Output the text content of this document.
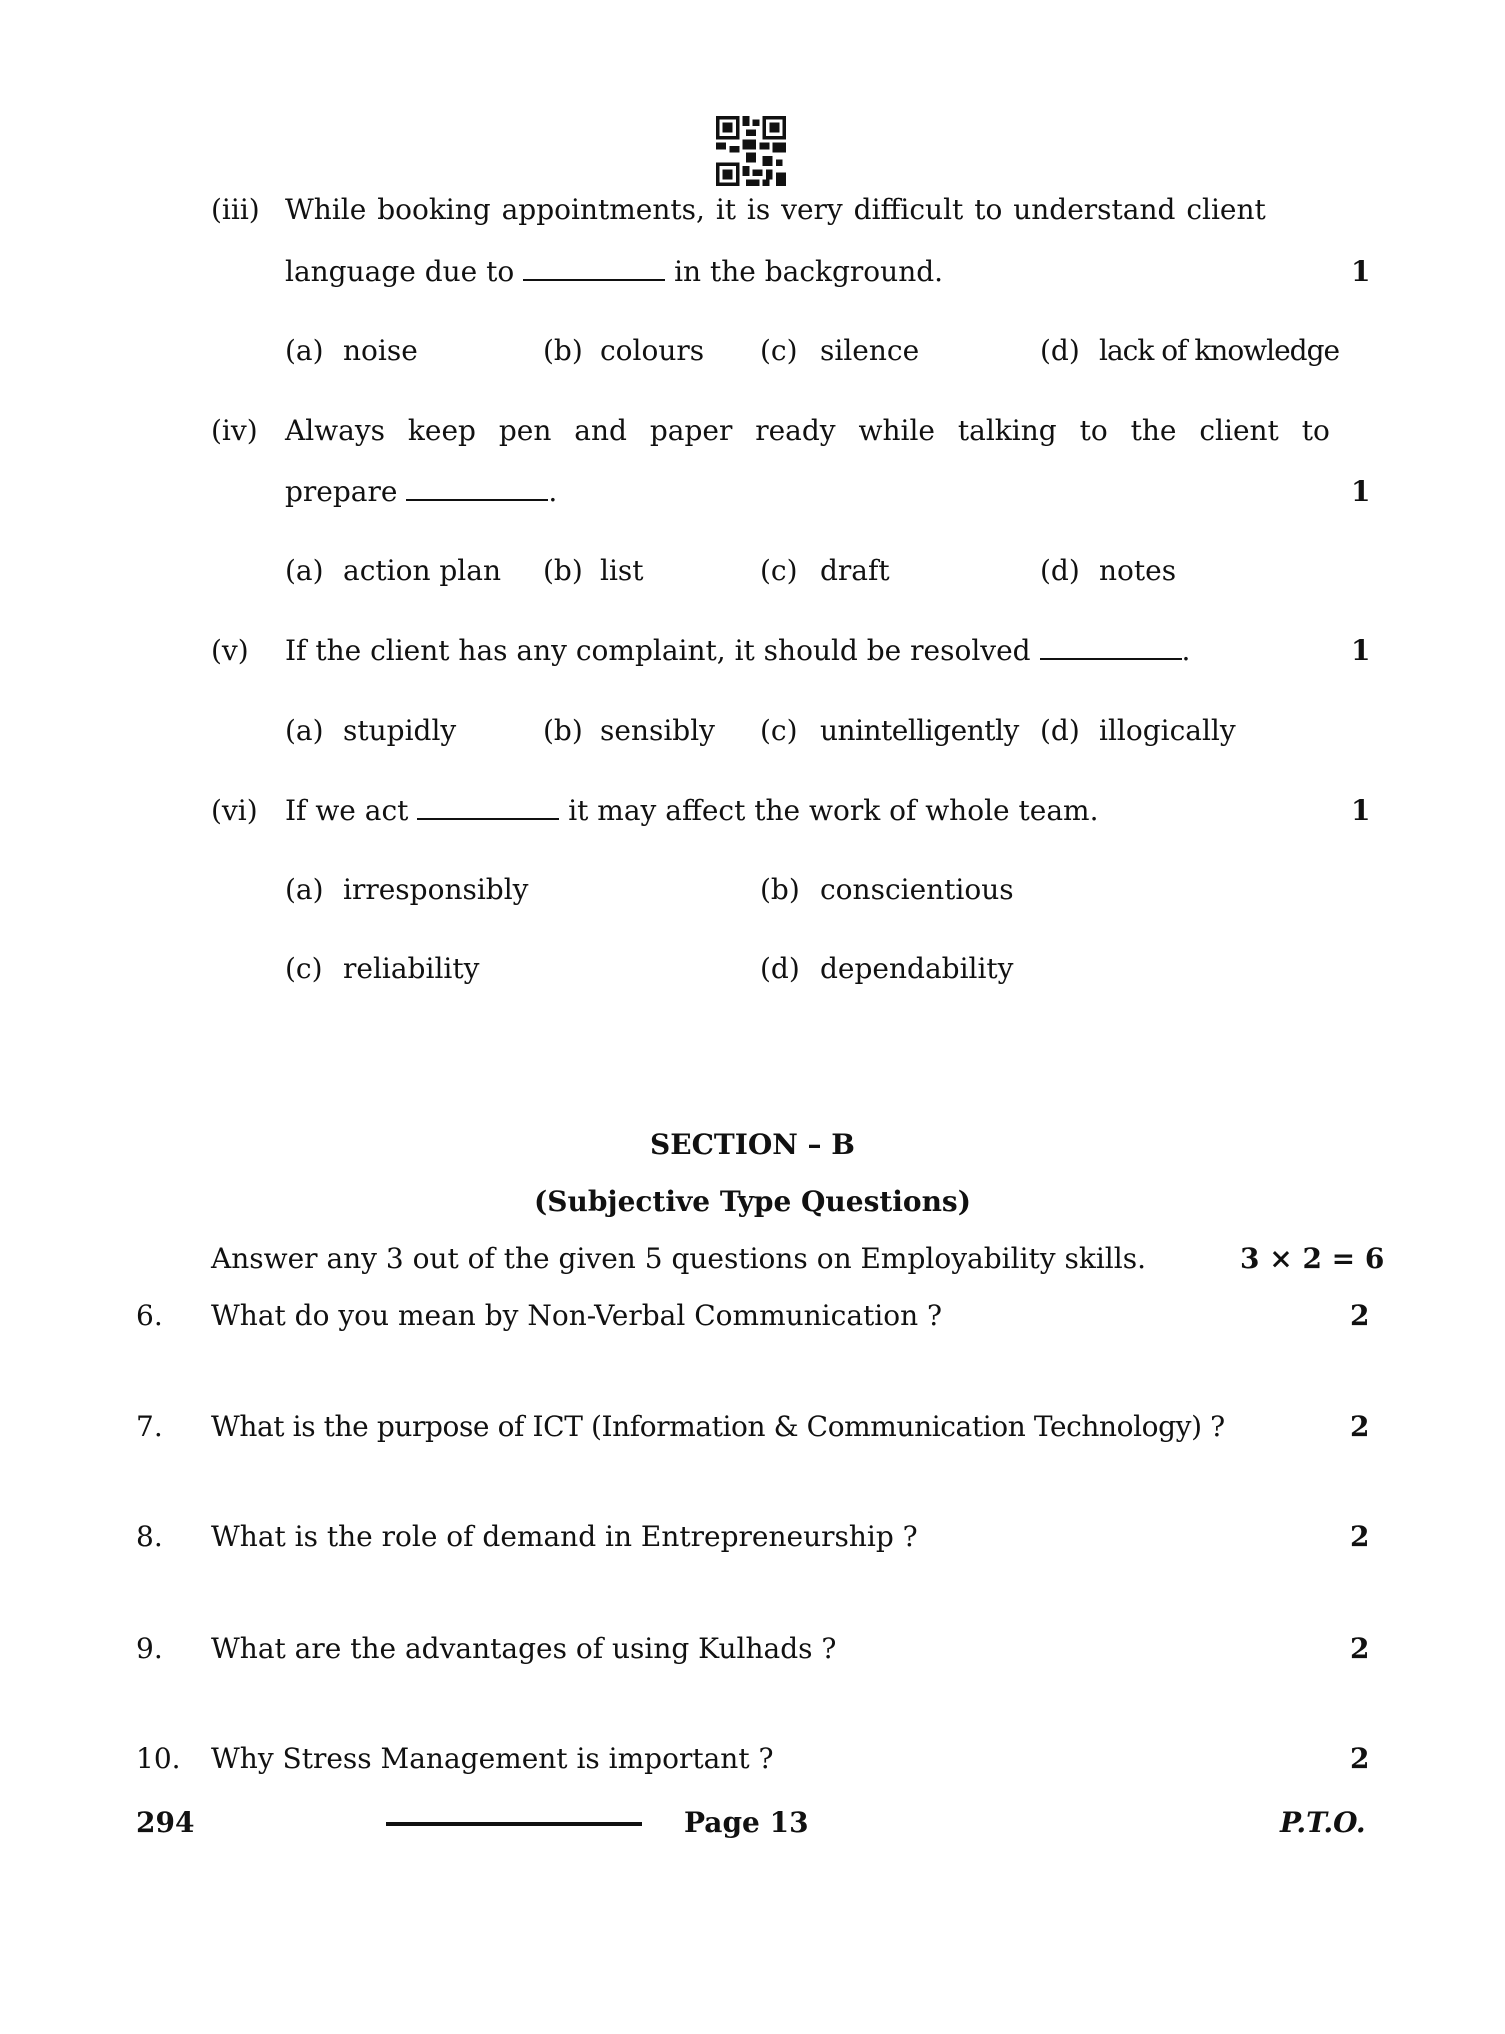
(iii) While booking appointments, it is very difficult to understand client
language due to	in the background.	1
(a) noise	(b) colours (c) silence	(d) lack of knowledge
(iv) Always keep pen and paper ready while talking to the client to
prepare	.	1
(a) action plan (b) list	(c) draft	(d) notes
(v) If the client has any complaint, it should be resolved	.	1
(a) stupidly	(b) sensibly (c) unintelligently (d) illogically
(vi) If we act	it may affect the work of whole team.	1
(a) irresponsibly	(b) conscientious
(c) reliability	(d) dependability
SECTION – B
(Subjective Type Questions)
Answer any 3 out of the given 5 questions on Employability skills.	3 × 2 = 6
6. What do you mean by Non-Verbal Communication ?	2
7. What is the purpose of ICT (Information & Communication Technology) ?	2
8. What is the role of demand in Entrepreneurship ?	2
9. What are the advantages of using Kulhads ?	2
10. Why Stress Management is important ?	2
294	Page 13	P.T.O.
